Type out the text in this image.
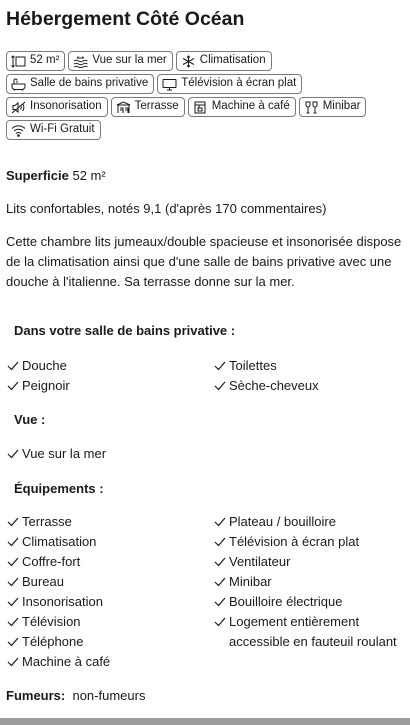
Hébergement Côté Océan
52 m²	Vue sur la mer	Climatisation
Salle de bains privative	Télévision à écran plat
Insonorisation	Terrasse	Machine à café	Minibar
Wi-Fi Gratuit

Superficie 52 m²

Lits confortables, notés 9,1 (d'après 170 commentaires)

Cette chambre lits jumeaux/double spacieuse et insonorisée dispose de la climatisation ainsi que d'une salle de bains privative avec une douche à l'italienne. Sa terrasse donne sur la mer.

Dans votre salle de bains privative :

Douche
Peignoir
Toilettes
Sèche-cheveux

Vue :

Vue sur la mer

Équipements :

Terrasse
Climatisation
Coffre-fort
Bureau
Insonorisation
Télévision
Téléphone
Machine à café
Plateau / bouilloire
Télévision à écran plat
Ventilateur
Minibar
Bouilloire électrique
Logement entièrement accessible en fauteuil roulant

Fumeurs: non-fumeurs
